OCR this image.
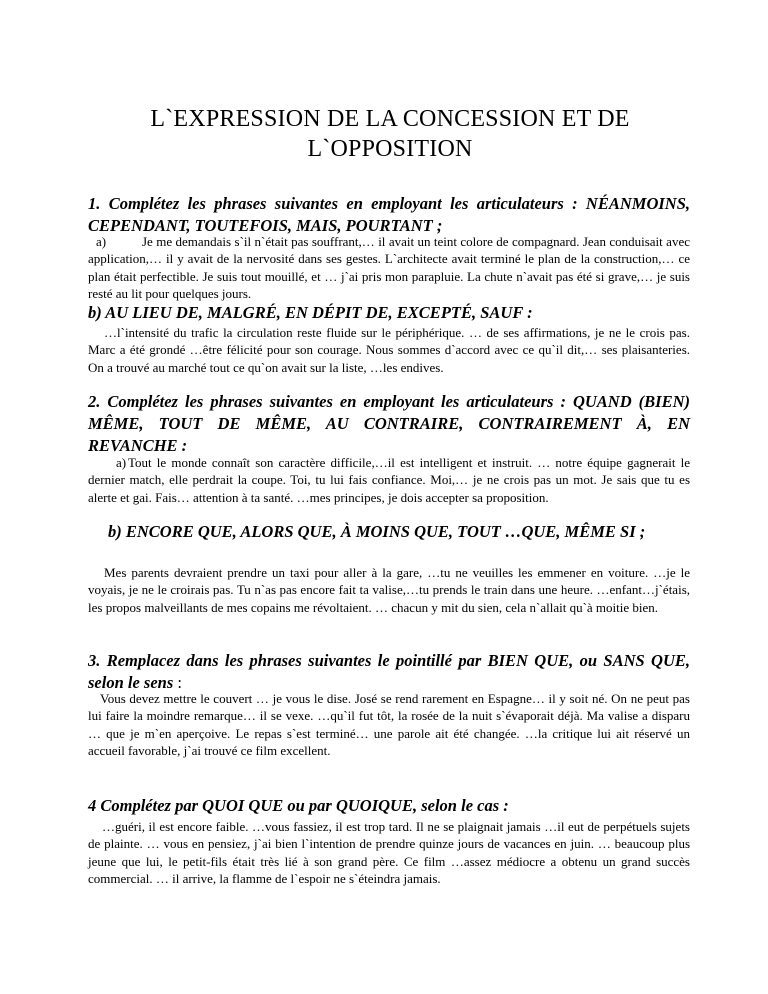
L`EXPRESSION DE LA CONCESSION ET DE
L`OPPOSITION

1. Complétez les phrases suivantes en employant les articulateurs : NÉANMOINS, CEPENDANT, TOUTEFOIS, MAIS, POURTANT ;

a)	Je me demandais s`il n`était pas souffrant,… il avait un teint colore de compagnard. Jean conduisait avec application,… il y avait de la nervosité dans ses gestes. L`architecte avait terminé le plan de la construction,… ce plan était perfectible. Je suis tout mouillé, et … j`ai pris mon parapluie. La chute n`avait pas été si grave,… je suis resté au lit pour quelques jours.

b) AU LIEU DE, MALGRÉ, EN DÉPIT DE, EXCEPTÉ, SAUF :

…l`intensité du trafic la circulation reste fluide sur le périphérique. … de ses affirmations, je ne le crois pas. Marc a été grondé …être félicité pour son courage. Nous sommes d`accord avec ce qu`il dit,… ses plaisanteries. On a trouvé au marché tout ce qu`on avait sur la liste, …les endives.

2. Complétez les phrases suivantes en employant les articulateurs : QUAND (BIEN) MÊME, TOUT DE MÊME, AU CONTRAIRE, CONTRAIREMENT À, EN REVANCHE :

a) Tout le monde connaît son caractère difficile,…il est intelligent et instruit. … notre équipe gagnerait le dernier match, elle perdrait la coupe. Toi, tu lui fais confiance. Moi,… je ne crois pas un mot. Je sais que tu es alerte et gai. Fais… attention à ta santé. …mes principes, je dois accepter sa proposition.

b) ENCORE QUE, ALORS QUE, À MOINS QUE, TOUT …QUE, MÊME SI ;

Mes parents devraient prendre un taxi pour aller à la gare, …tu ne veuilles les emmener en voiture. …je le voyais, je ne le croirais pas. Tu n`as pas encore fait ta valise,…tu prends le train dans une heure. …enfant…j`étais, les propos malveillants de mes copains me révoltaient. … chacun y mit du sien, cela n`allait qu`à moitie bien.

3. Remplacez dans les phrases suivantes le pointillé par BIEN QUE, ou SANS QUE, selon le sens :

Vous devez mettre le couvert … je vous le dise. José se rend rarement en Espagne… il y soit né. On ne peut pas lui faire la moindre remarque… il se vexe. …qu`il fut tôt, la rosée de la nuit s`évaporait déjà. Ma valise a disparu … que je m`en aperçoive. Le repas s`est terminé… une parole ait été changée. …la critique lui ait réservé un accueil favorable, j`ai trouvé ce film excellent.

4 Complétez par QUOI QUE ou par QUOIQUE, selon le cas :

…guéri, il est encore faible. …vous fassiez, il est trop tard. Il ne se plaignait jamais …il eut de perpétuels sujets de plainte. … vous en pensiez, j`ai bien l`intention de prendre quinze jours de vacances en juin. … beaucoup plus jeune que lui, le petit-fils était très lié à son grand père. Ce film …assez médiocre a obtenu un grand succès commercial. … il arrive, la flamme de l`espoir ne s`éteindra jamais.
